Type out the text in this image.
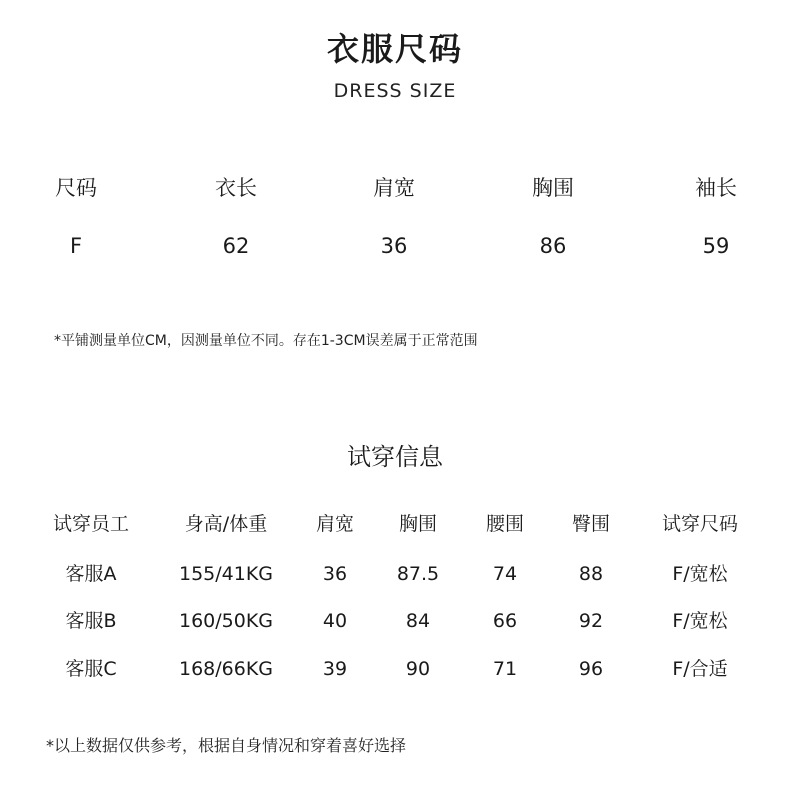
衣服尺码
DRESS SIZE
尺码	衣长	肩宽	胸围	袖长
F	62	36	86	59
*平铺测量单位CM，因测量单位不同。存在1-3CM误差属于正常范围
试穿信息
试穿员工	身高/体重	肩宽	胸围	腰围	臀围	试穿尺码
客服A	155/41KG	36	87.5	74	88	F/宽松
客服B	160/50KG	40	84	66	92	F/宽松
客服C	168/66KG	39	90	71	96	F/合适
*以上数据仅供参考，根据自身情况和穿着喜好选择
